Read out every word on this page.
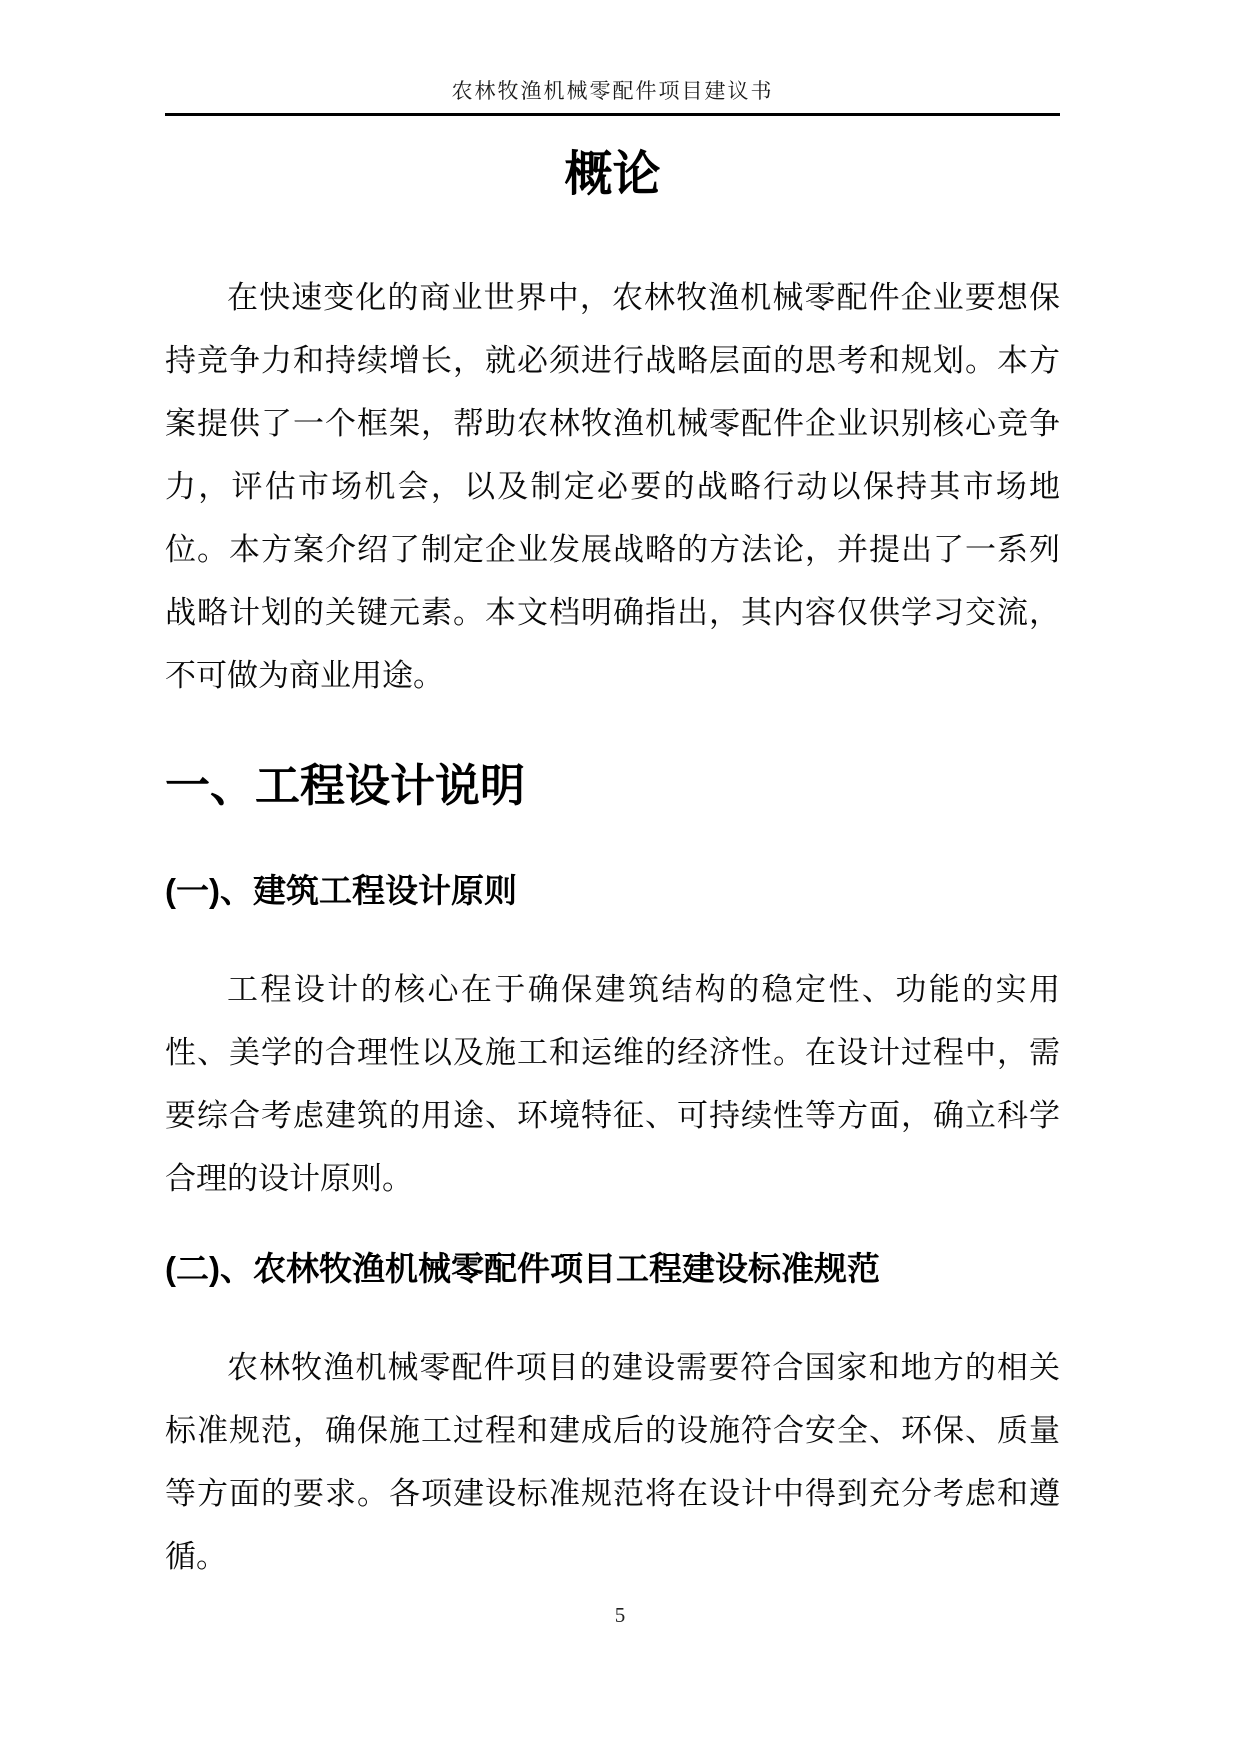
农林牧渔机械零配件项目建议书
概论
在快速变化的商业世界中，农林牧渔机械零配件企业要想保持竞争力和持续增长，就必须进行战略层面的思考和规划。本方案提供了一个框架，帮助农林牧渔机械零配件企业识别核心竞争力，评估市场机会，以及制定必要的战略行动以保持其市场地位。本方案介绍了制定企业发展战略的方法论，并提出了一系列战略计划的关键元素。本文档明确指出，其内容仅供学习交流，不可做为商业用途。
一、工程设计说明
(一)、建筑工程设计原则
工程设计的核心在于确保建筑结构的稳定性、功能的实用性、美学的合理性以及施工和运维的经济性。在设计过程中，需要综合考虑建筑的用途、环境特征、可持续性等方面，确立科学合理的设计原则。
(二)、农林牧渔机械零配件项目工程建设标准规范
农林牧渔机械零配件项目的建设需要符合国家和地方的相关标准规范，确保施工过程和建成后的设施符合安全、环保、质量等方面的要求。各项建设标准规范将在设计中得到充分考虑和遵循。
5
